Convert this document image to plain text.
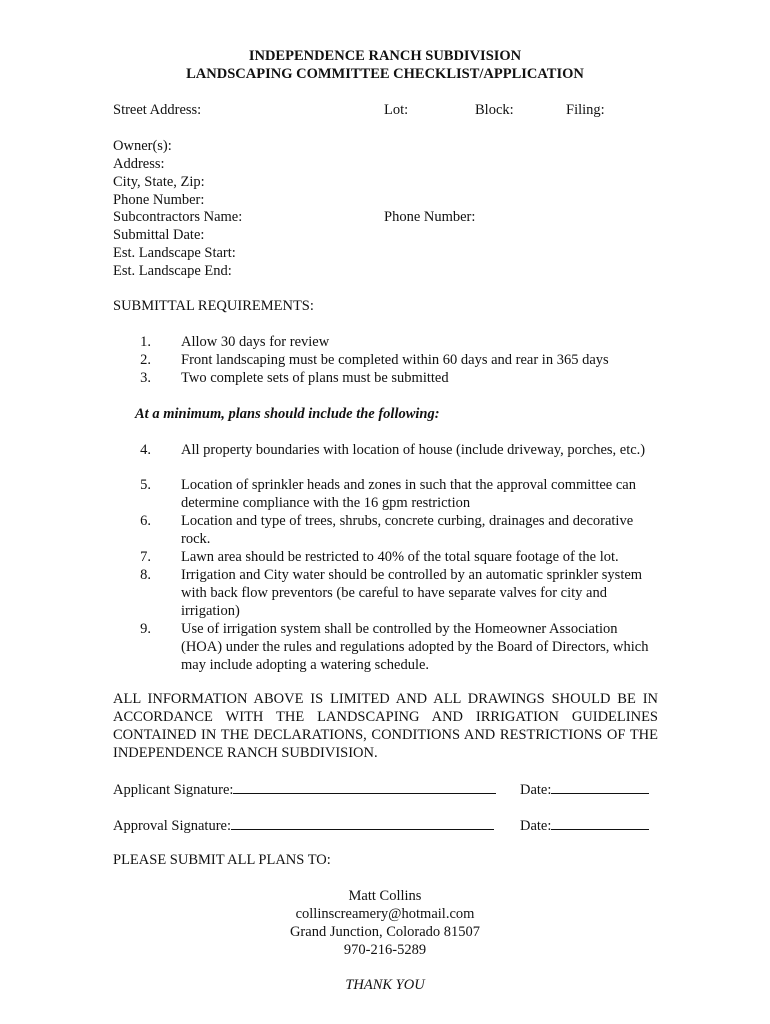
INDEPENDENCE RANCH SUBDIVISION
LANDSCAPING COMMITTEE CHECKLIST/APPLICATION
Street Address:	Lot:	Block:	Filing:
Owner(s):
Address:
City, State, Zip:
Phone Number:
Subcontractors Name:	Phone Number:
Submittal Date:
Est. Landscape Start:
Est. Landscape End:
SUBMITTAL REQUIREMENTS:
1. Allow 30 days for review
2. Front landscaping must be completed within 60 days and rear in 365 days
3. Two complete sets of plans must be submitted
At a minimum, plans should include the following:
4. All property boundaries with location of house (include driveway, porches, etc.)
5. Location of sprinkler heads and zones in such that the approval committee can determine compliance with the 16 gpm restriction
6. Location and type of trees, shrubs, concrete curbing, drainages and decorative rock.
7. Lawn area should be restricted to 40% of the total square footage of the lot.
8. Irrigation and City water should be controlled by an automatic sprinkler system with back flow preventors (be careful to have separate valves for city and irrigation)
9. Use of irrigation system shall be controlled by the Homeowner Association (HOA) under the rules and regulations adopted by the Board of Directors, which may include adopting a watering schedule.
ALL INFORMATION ABOVE IS LIMITED AND ALL DRAWINGS SHOULD BE IN ACCORDANCE WITH THE LANDSCAPING AND IRRIGATION GUIDELINES CONTAINED IN THE DECLARATIONS, CONDITIONS AND RESTRICTIONS OF THE INDEPENDENCE RANCH SUBDIVISION.
Applicant Signature:	Date:
Approval Signature:	Date:
PLEASE SUBMIT ALL PLANS TO:
Matt Collins
collinscreamery@hotmail.com
Grand Junction, Colorado 81507
970-216-5289
THANK YOU
